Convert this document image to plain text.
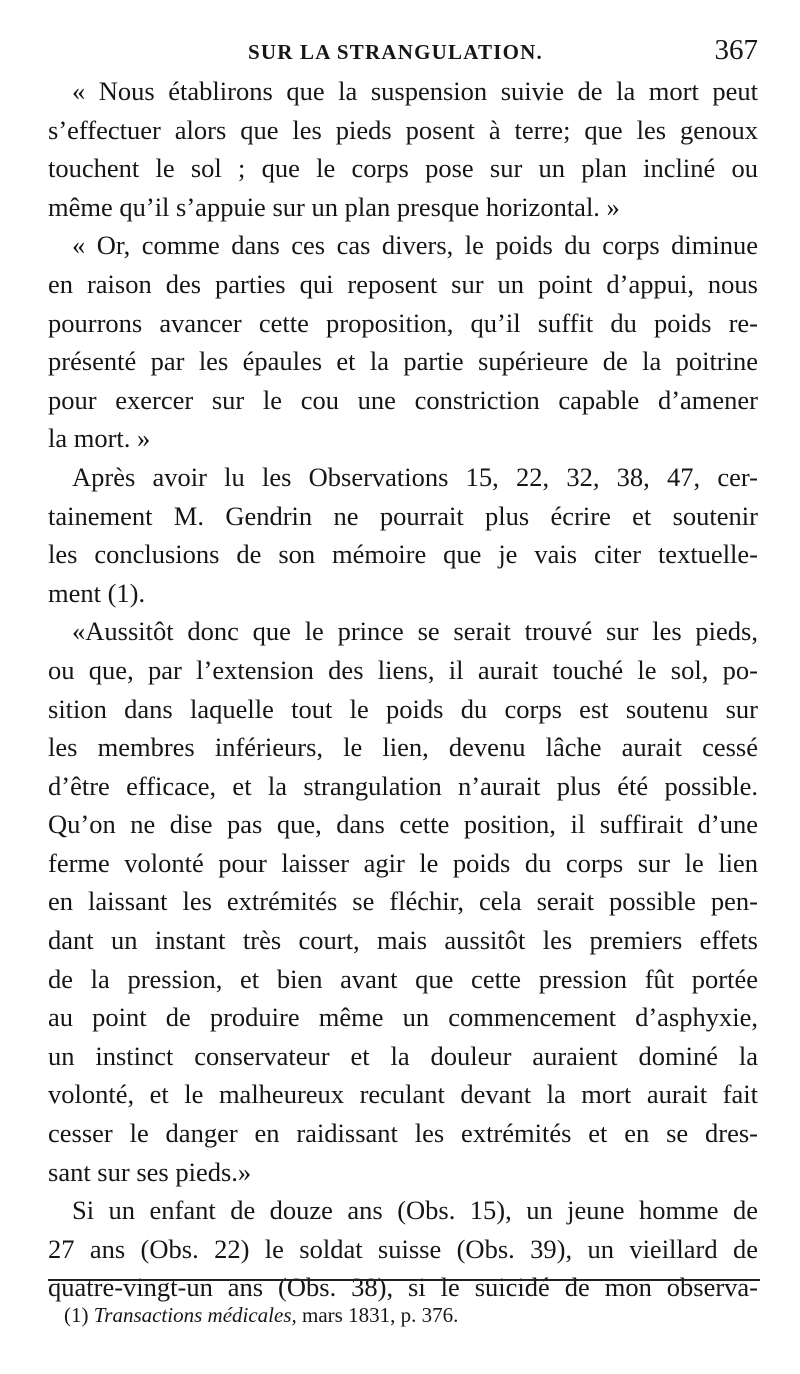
SUR LA STRANGULATION.	367
« Nous établirons que la suspension suivie de la mort peut
s’effectuer alors que les pieds posent à terre; que les genoux
touchent le sol ; que le corps pose sur un plan incliné ou
même qu’il s’appuie sur un plan presque horizontal. »
« Or, comme dans ces cas divers, le poids du corps diminue
en raison des parties qui reposent sur un point d’appui, nous
pourrons avancer cette proposition, qu’il suffit du poids re-
présenté par les épaules et la partie supérieure de la poitrine
pour exercer sur le cou une constriction capable d’amener
la mort. »
Après avoir lu les Observations 15, 22, 32, 38, 47, cer-
tainement M. Gendrin ne pourrait plus écrire et soutenir
les conclusions de son mémoire que je vais citer textuelle-
ment (1).
«Aussitôt donc que le prince se serait trouvé sur les pieds,
ou que, par l’extension des liens, il aurait touché le sol, po-
sition dans laquelle tout le poids du corps est soutenu sur
les membres inférieurs, le lien, devenu lâche aurait cessé
d’être efficace, et la strangulation n’aurait plus été possible.
Qu’on ne dise pas que, dans cette position, il suffirait d’une
ferme volonté pour laisser agir le poids du corps sur le lien
en laissant les extrémités se fléchir, cela serait possible pen-
dant un instant très court, mais aussitôt les premiers effets
de la pression, et bien avant que cette pression fût portée
au point de produire même un commencement d’asphyxie,
un instinct conservateur et la douleur auraient dominé la
volonté, et le malheureux reculant devant la mort aurait fait
cesser le danger en raidissant les extrémités et en se dres-
sant sur ses pieds.»
Si un enfant de douze ans (Obs. 15), un jeune homme de
27 ans (Obs. 22) le soldat suisse (Obs. 39), un vieillard de
quatre-vingt-un ans (Obs. 38), si le suicidé de mon observa-
(1) Transactions médicales, mars 1831, p. 376.
